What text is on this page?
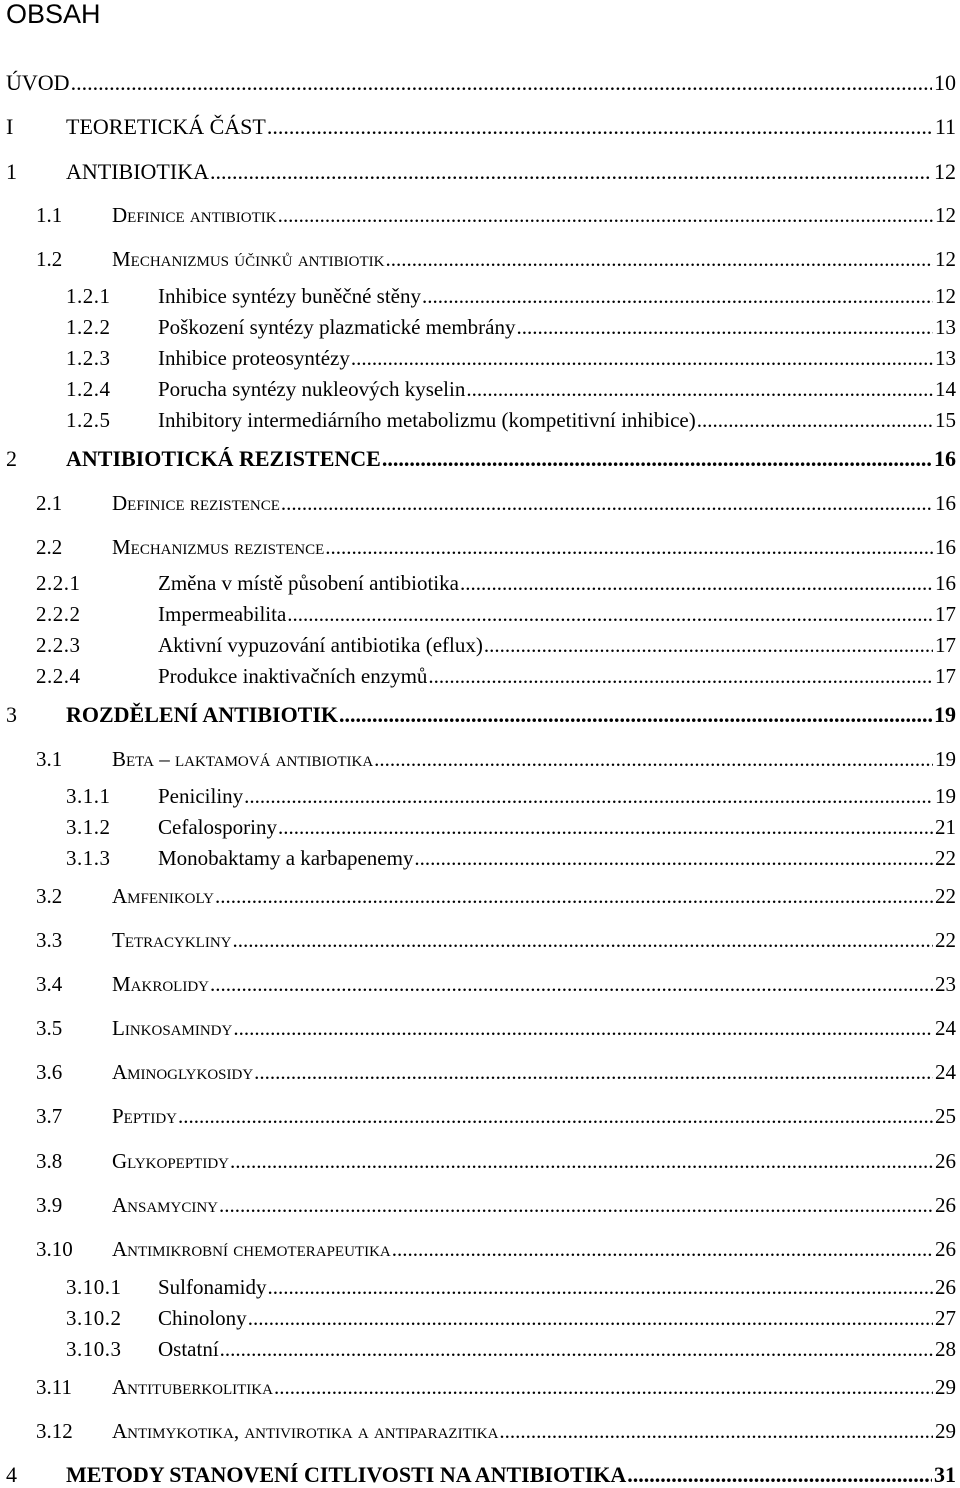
OBSAH
ÚVOD .....	10
I	TEORETICKÁ ČÁST .....	11
1	ANTIBIOTIKA .....	12
1.1	Definice antibiotik .....	12
1.2	Mechanizmus účinků antibiotik .....	12
1.2.1	Inhibice syntézy buněčné stěny .....	12
1.2.2	Poškození syntézy plazmatické membrány .....	13
1.2.3	Inhibice proteosyntézy .....	13
1.2.4	Porucha syntézy nukleových kyselin .....	14
1.2.5	Inhibitory intermediárního metabolizmu (kompetitivní inhibice) .....	15
2	ANTIBIOTICKÁ REZISTENCE .....	16
2.1	Definice rezistence .....	16
2.2	Mechanizmus rezistence .....	16
2.2.1	Změna v místě působení antibiotika .....	16
2.2.2	Impermeabilita .....	17
2.2.3	Aktivní vypuzování antibiotika (eflux) .....	17
2.2.4	Produkce inaktivačních enzymů .....	17
3	ROZDĚLENÍ ANTIBIOTIK .....	19
3.1	Beta – laktamová antibiotika .....	19
3.1.1	Peniciliny .....	19
3.1.2	Cefalosporiny .....	21
3.1.3	Monobaktamy a karbapenemy .....	22
3.2	Amfenikoly .....	22
3.3	Tetracykliny .....	22
3.4	Makrolidy .....	23
3.5	Linkosamindy .....	24
3.6	Aminoglykosidy .....	24
3.7	Peptidy .....	25
3.8	Glykopeptidy .....	26
3.9	Ansamyciny .....	26
3.10	Antimikrobní chemoterapeutika .....	26
3.10.1	Sulfonamidy .....	26
3.10.2	Chinolony .....	27
3.10.3	Ostatní .....	28
3.11	Antituberkolitika .....	29
3.12	Antimykotika, antivirotika a antiparazitika .....	29
4	METODY STANOVENÍ CITLIVOSTI NA ANTIBIOTIKA .....	31
